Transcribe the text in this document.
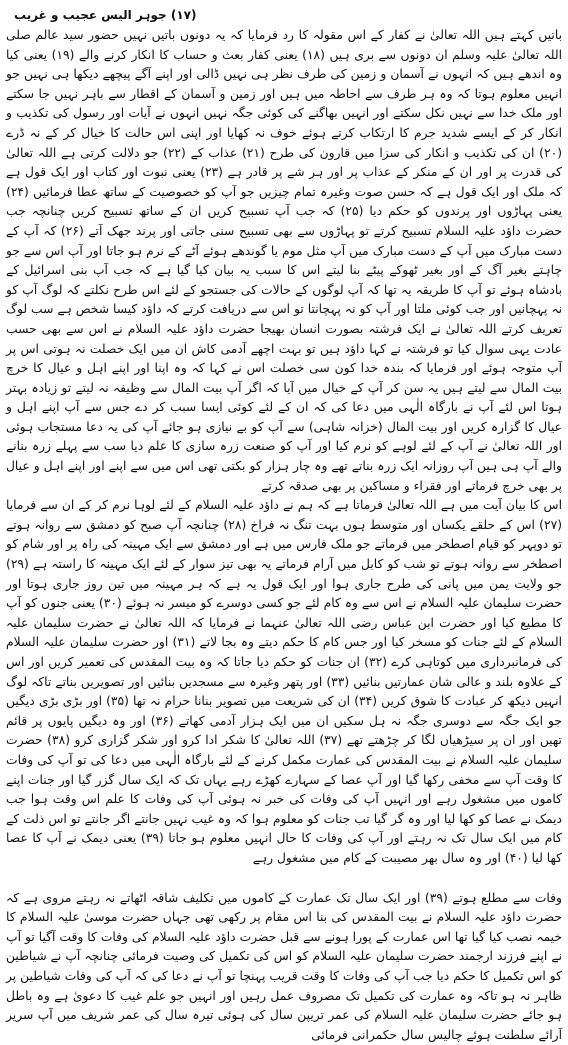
(۱۷) جوہر الیس عجیب و غریب

باتیں کہتے ہیں اللہ تعالیٰ نے کفار کے اس مقولہ کا رد فرمایا کہ یہ دونوں باتیں نہیں حضور سید عالم صلی اللہ تعالیٰ علیہ وسلم ان دونوں سے بری ہیں (۱۸) یعنی کفار بعث و حساب کا انکار کرنے والے (۱۹) یعنی کیا وہ اندھے ہیں کہ انہوں نے آسمان و زمین کی طرف نظر ہی نہیں ڈالی اور اپنے آگے پیچھے دیکھا ہی نہیں جو انہیں معلوم ہوتا کہ وہ ہر طرف سے احاطہ میں ہیں اور زمین و آسمان کے اقطار سے باہر نہیں جا سکتے اور ملک خدا سے نہیں نکل سکتے اور انہیں بھاگنے کی کوئی جگہ نہیں انہوں نے آیات اور رسول کی تکذیب و انکار کر کے ایسے شدید جرم کا ارتکاب کرتے ہوئے خوف نہ کھایا اور اپنی اس حالت کا خیال کر کے نہ ڈرے (۲۰) ان کی تکذیب و انکار کی سزا میں قارون کی طرح (۲۱) عذاب کے (۲۲) جو دلالت کرتی ہے اللہ تعالیٰ کی قدرت پر اور ان کے منکر کے عذاب پر اور ہر شے پر قادر ہے (۲۳) یعنی نبوت اور کتاب اور ایک قول ہے کہ ملک اور ایک قول ہے کہ حسن صوت وغیرہ تمام چیزیں جو آپ کو خصوصیت کے ساتھ عطا فرمائیں (۲۴) یعنی پہاڑوں اور پرندوں کو حکم دیا (۲۵) کہ جب آپ تسبیح کریں ان کے ساتھ تسبیح کریں چنانچہ جب حضرت داؤد علیہ السلام تسبیح کرتے تو پہاڑوں سے بھی تسبیح سنی جاتی اور پرند جھک آتے (۲۶) کہ آپ کے دست مبارک میں آپ کے دست مبارک میں آپ مثل موم یا گوندھے ہوئے آٹے کے نرم ہو جاتا اور آپ اس سے جو چاہتے بغیر آگ کے اور بغیر ٹھوکے پیٹے بنا لیتے اس کا سبب یہ بیان کیا گیا ہے کہ جب آپ بنی اسرائیل کے بادشاہ ہوئے تو آپ کا طریقہ یہ تھا کہ آپ لوگوں کے حالات کی جستجو کے لئے اس طرح نکلتے کہ لوگ آپ کو نہ پہچانیں اور جب کوئی ملتا اور آپ کو نہ پہچانتا تو اس سے دریافت کرتے کہ داؤد کیسا شخص ہے سب لوگ تعریف کرتے اللہ تعالیٰ نے ایک فرشتہ بصورت انسان بھیجا حضرت داؤد علیہ السلام نے اس سے بھی حسب عادت یہی سوال کیا تو فرشتہ نے کہا داؤد ہیں تو بہت اچھے آدمی کاش ان میں ایک خصلت نہ ہوتی اس پر آپ متوجہ ہوئے اور فرمایا کہ بندہ خدا کون سی خصلت اس نے کہا کہ وہ اپنا اور اپنے اہل و عیال کا خرچ بیت المال سے لیتے ہیں یہ سن کر آپ کے خیال میں آیا کہ اگر آپ بیت المال سے وظیفہ نہ لیتے تو زیادہ بہتر ہوتا اس لئے آپ نے بارگاہ الٰہی میں دعا کی کہ ان کے لئے کوئی ایسا سبب کر دے جس سے آپ اپنے اہل و عیال کا گزارہ کریں اور بیت المال (خزانہ شاہی) سے آپ کو بے نیازی ہو جائے آپ کی یہ دعا مستجاب ہوئی اور اللہ تعالیٰ نے آپ کے لئے لوہے کو نرم کیا اور آپ کو صنعت زرہ سازی کا علم دیا سب سے پہلے زرہ بنانے والے آپ ہی ہیں آپ روزانہ ایک زرہ بناتے تھے وہ چار ہزار کو بکتی تھی اس میں سے اپنے اور اپنے اہل و عیال پر بھی خرچ فرماتے اور فقراء و مساکین پر بھی صدقہ کرتے

اس کا بیان آیت میں ہے اللہ تعالیٰ فرماتا ہے کہ ہم نے داؤد علیہ السلام کے لئے لوہا نرم کر کے ان سے فرمایا (۲۷) اس کے حلقے یکساں اور متوسط ہوں بہت تنگ نہ فراخ (۲۸) چنانچہ آپ صبح کو دمشق سے روانہ ہوتے تو دوپہر کو قیام اصطخر میں فرماتے جو ملک فارس میں ہے اور دمشق سے ایک مہینہ کی راہ پر اور شام کو اصطخر سے روانہ ہوتے تو شب کو کابل میں آرام فرماتے یہ بھی تیز سوار کے لئے ایک مہینہ کا راستہ ہے (۲۹) جو ولایت یمن میں پانی کی طرح جاری ہوا اور ایک قول یہ ہے کہ ہر مہینہ میں تین روز جاری ہوتا اور حضرت سلیمان علیہ السلام نے اس سے وہ کام لئے جو کسی دوسرے کو میسر نہ ہوئے (۳۰) یعنی جنوں کو آپ کا مطیع کیا اور حضرت ابن عباس رضی اللہ تعالیٰ عنہما نے فرمایا کہ اللہ تعالیٰ نے حضرت سلیمان علیہ السلام کے لئے جنات کو مسخر کیا اور جس کام کا حکم دیتے وہ بجا لاتے (۳۱) اور حضرت سلیمان علیہ السلام کی فرمانبرداری میں کوتاہی کرے (۳۲) ان جنات کو حکم دیا جاتا کہ وہ بیت المقدس کی تعمیر کریں اور اس کے علاوہ بلند و عالی شان عمارتیں بنائیں (۳۳) اور پتھر وغیرہ سے مسجدیں بنائیں اور تصویریں بناتے تاکہ لوگ انہیں دیکھ کر عبادت کا شوق کریں (۳۴) ان کی شریعت میں تصویر بنانا حرام نہ تھا (۳۵) اور بڑی بڑی دیگیں جو ایک جگہ سے دوسری جگہ نہ ہل سکیں ان میں ایک ہزار آدمی کھاتے (۳۶) اور وہ دیگیں پایوں پر قائم تھیں اور ان پر سیڑھیاں لگا کر چڑھتے تھے (۳۷) اللہ تعالیٰ کا شکر ادا کرو اور شکر گزاری کرو (۳۸) حضرت سلیمان علیہ السلام نے بیت المقدس کی عمارت مکمل کرنے کے لئے بارگاہ الٰہی میں دعا کی تو آپ کی وفات کا وقت آپ سے مخفی رکھا گیا اور آپ عصا کے سہارے کھڑے رہے یہاں تک کہ ایک سال گزر گیا اور جنات اپنے کاموں میں مشغول رہے اور انہیں آپ کی وفات کی خبر نہ ہوئی آپ کی وفات کا علم اس وقت ہوا جب دیمک نے عصا کو کھا لیا اور وہ گر گیا تب جنات کو معلوم ہوا کہ وہ غیب نہیں جانتے اگر جانتے تو اس ذلت کے کام میں ایک سال تک نہ رہتے اور آپ کی وفات کا حال انہیں معلوم ہو جاتا (۳۹) یعنی دیمک نے آپ کا عصا کھا لیا (۴۰) اور وہ سال بھر مصیبت کے کام میں مشغول رہے

وفات سے مطلع ہوتے (۳۹) اور ایک سال تک عمارت کے کاموں میں تکلیف شاقہ اٹھاتے نہ رہتے مروی ہے کہ حضرت داؤد علیہ السلام نے بیت المقدس کی بنا اس مقام پر رکھی تھی جہاں حضرت موسیٰ علیہ السلام کا خیمہ نصب کیا گیا تھا اس عمارت کے پورا ہونے سے قبل حضرت داؤد علیہ السلام کی وفات کا وقت آگیا تو آپ نے اپنے فرزند ارجمند حضرت سلیمان علیہ السلام کو اس کی تکمیل کی وصیت فرمائی چنانچہ آپ نے شیاطین کو اس تکمیل کا حکم دیا جب آپ کی وفات کا وقت قریب پہنچا تو آپ نے دعا کی کہ آپ کی وفات شیاطین پر ظاہر نہ ہو تاکہ وہ عمارت کی تکمیل تک مصروف عمل رہیں اور انہیں جو علم غیب کا دعویٰ ہے وہ باطل ہو جائے حضرت سلیمان علیہ السلام کی عمر تریپن سال کی ہوئی تیرہ سال کی عمر شریف میں آپ سریر آرائے سلطنت ہوئے چالیس سال حکمرانی فرمائی
